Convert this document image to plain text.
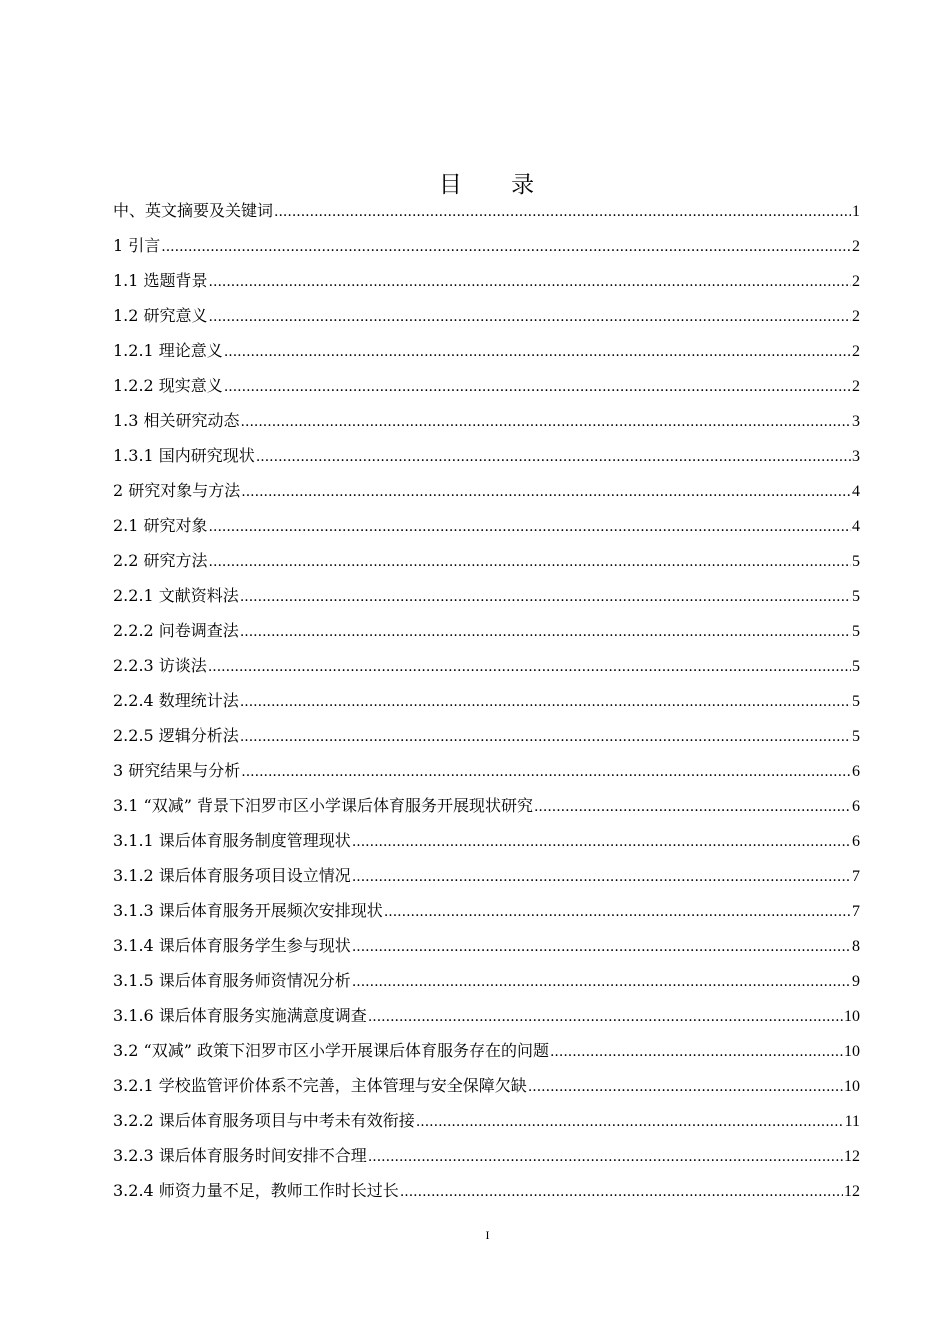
目 录
中、英文摘要及关键词 .....	1
1 引言 .....	2
1.1 选题背景 .....	2
1.2 研究意义 .....	2
1.2.1 理论意义 .....	2
1.2.2 现实意义 .....	2
1.3 相关研究动态 .....	3
1.3.1 国内研究现状 .....	3
2 研究对象与方法 .....	4
2.1 研究对象 .....	4
2.2 研究方法 .....	5
2.2.1 文献资料法 .....	5
2.2.2 问卷调查法 .....	5
2.2.3 访谈法 .....	5
2.2.4 数理统计法 .....	5
2.2.5 逻辑分析法 .....	5
3 研究结果与分析 .....	6
3.1 “双减” 背景下汨罗市区小学课后体育服务开展现状研究 .....	6
3.1.1 课后体育服务制度管理现状 .....	6
3.1.2 课后体育服务项目设立情况 .....	7
3.1.3 课后体育服务开展频次安排现状 .....	7
3.1.4 课后体育服务学生参与现状 .....	8
3.1.5 课后体育服务师资情况分析 .....	9
3.1.6 课后体育服务实施满意度调查 .....	10
3.2 “双减” 政策下汨罗市区小学开展课后体育服务存在的问题 .....	10
3.2.1 学校监管评价体系不完善，主体管理与安全保障欠缺 .....	10
3.2.2 课后体育服务项目与中考未有效衔接 .....	11
3.2.3 课后体育服务时间安排不合理 .....	12
3.2.4 师资力量不足，教师工作时长过长 .....	12
I
